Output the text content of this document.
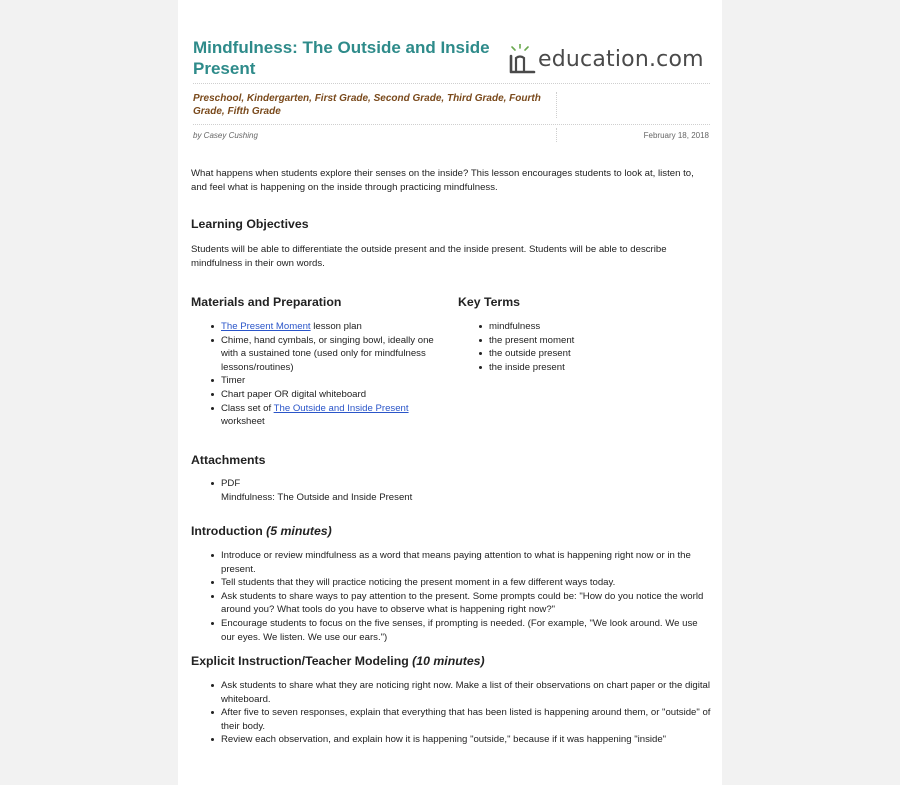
Mindfulness: The Outside and Inside Present	education.com
Preschool, Kindergarten, First Grade, Second Grade, Third Grade, Fourth Grade, Fifth Grade
by Casey Cushing	February 18, 2018
What happens when students explore their senses on the inside? This lesson encourages students to look at, listen to, and feel what is happening on the inside through practicing mindfulness.
Learning Objectives
Students will be able to differentiate the outside present and the inside present. Students will be able to describe mindfulness in their own words.
Materials and Preparation
The Present Moment lesson plan
Chime, hand cymbals, or singing bowl, ideally one with a sustained tone (used only for mindfulness lessons/routines)
Timer
Chart paper OR digital whiteboard
Class set of The Outside and Inside Present worksheet
Key Terms
mindfulness
the present moment
the outside present
the inside present
Attachments
PDF
Mindfulness: The Outside and Inside Present
Introduction (5 minutes)
Introduce or review mindfulness as a word that means paying attention to what is happening right now or in the present.
Tell students that they will practice noticing the present moment in a few different ways today.
Ask students to share ways to pay attention to the present. Some prompts could be: "How do you notice the world around you? What tools do you have to observe what is happening right now?"
Encourage students to focus on the five senses, if prompting is needed. (For example, "We look around. We use our eyes. We listen. We use our ears.")
Explicit Instruction/Teacher Modeling (10 minutes)
Ask students to share what they are noticing right now. Make a list of their observations on chart paper or the digital whiteboard.
After five to seven responses, explain that everything that has been listed is happening around them, or "outside" of their body.
Review each observation, and explain how it is happening "outside," because if it was happening "inside"
